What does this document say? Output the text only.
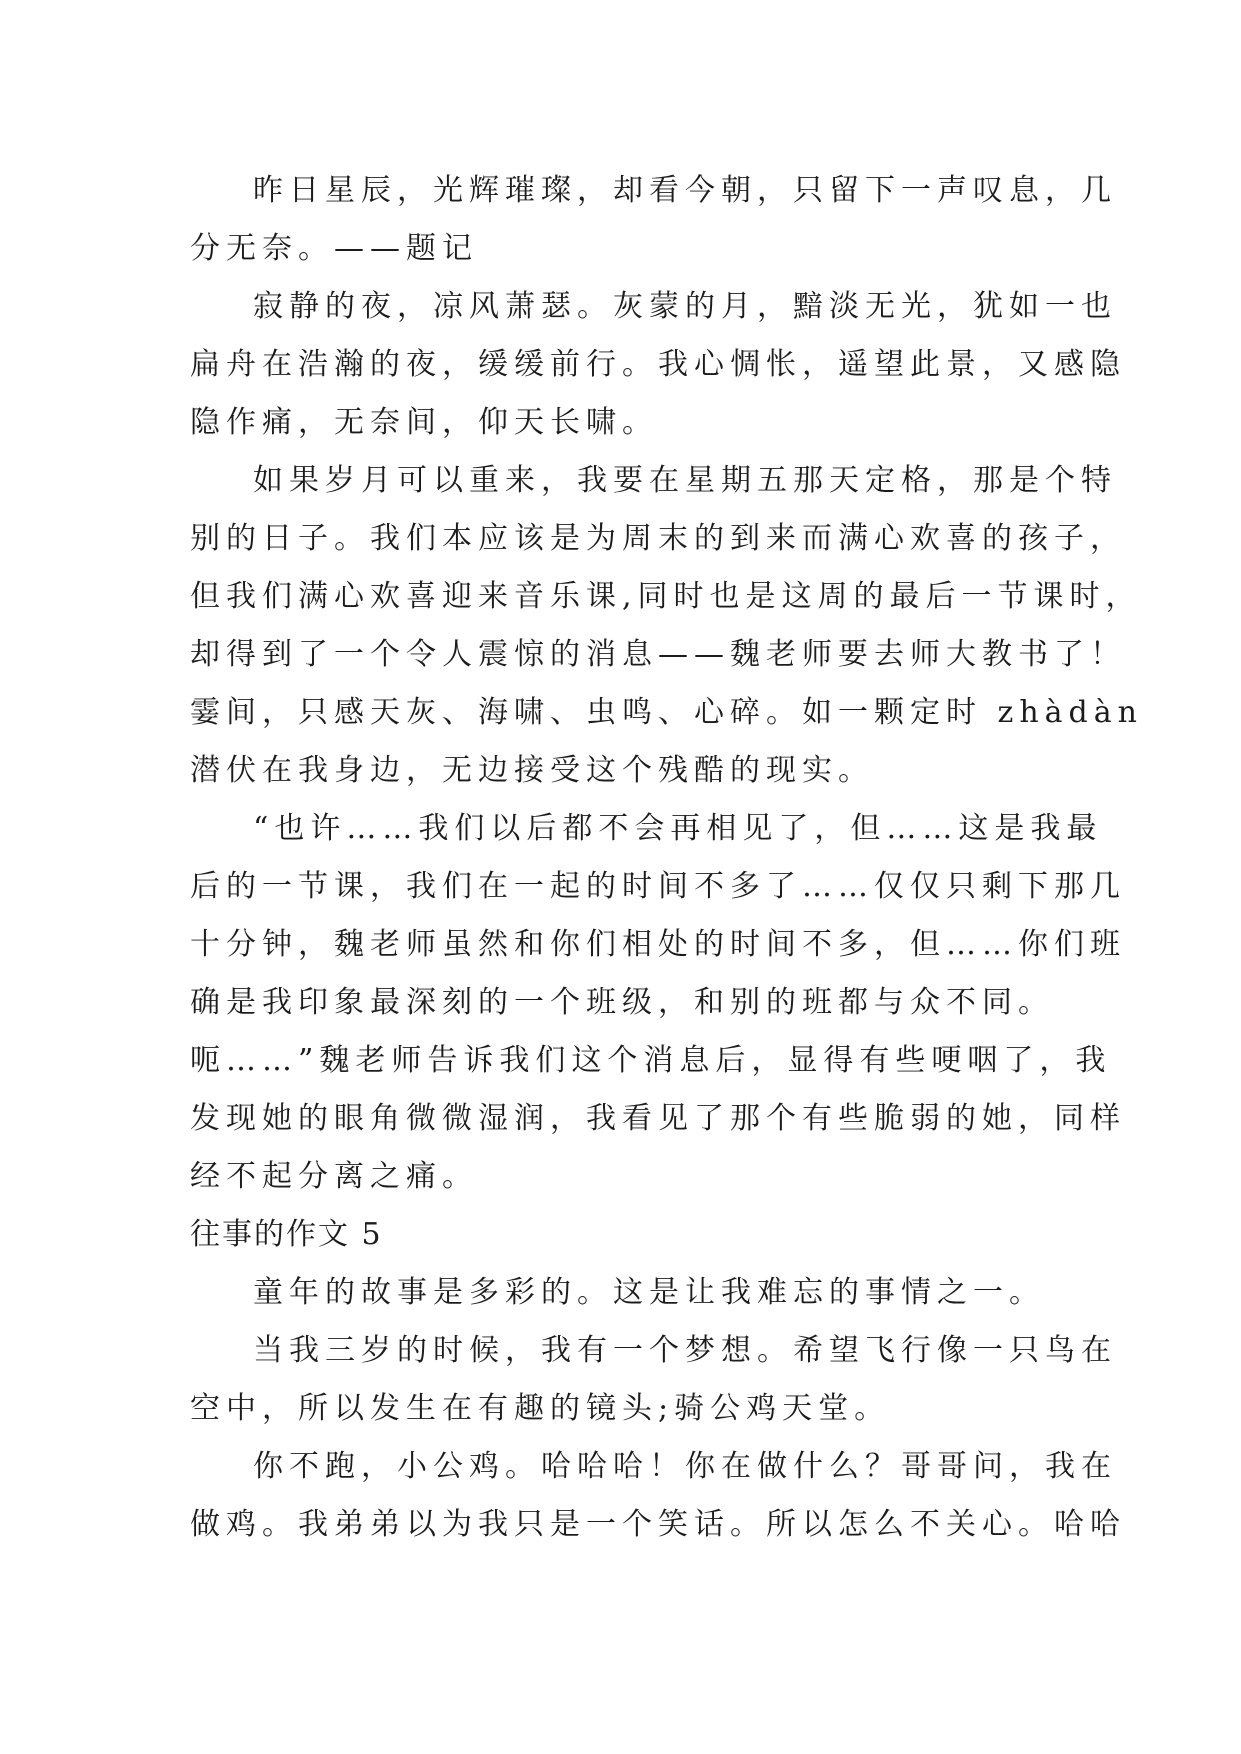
昨日星辰，光辉璀璨，却看今朝，只留下一声叹息，几
分无奈。——题记
寂静的夜，凉风萧瑟。灰蒙的月，黯淡无光，犹如一也
扁舟在浩瀚的夜，缓缓前行。我心惆怅，遥望此景，又感隐
隐作痛，无奈间，仰天长啸。
如果岁月可以重来，我要在星期五那天定格，那是个特
别的日子。我们本应该是为周末的到来而满心欢喜的孩子，
但我们满心欢喜迎来音乐课,同时也是这周的最后一节课时，
却得到了一个令人震惊的消息——魏老师要去师大教书了！
霎间，只感天灰、海啸、虫鸣、心碎。如一颗定时 zhàdàn
潜伏在我身边，无边接受这个残酷的现实。
“也许……我们以后都不会再相见了，但……这是我最
后的一节课，我们在一起的时间不多了……仅仅只剩下那几
十分钟，魏老师虽然和你们相处的时间不多，但……你们班
确是我印象最深刻的一个班级，和别的班都与众不同。
呃……”魏老师告诉我们这个消息后，显得有些哽咽了，我
发现她的眼角微微湿润，我看见了那个有些脆弱的她，同样
经不起分离之痛。
往事的作文 5
童年的故事是多彩的。这是让我难忘的事情之一。
当我三岁的时候，我有一个梦想。希望飞行像一只鸟在
空中，所以发生在有趣的镜头;骑公鸡天堂。
你不跑，小公鸡。哈哈哈！你在做什么？哥哥问，我在
做鸡。我弟弟以为我只是一个笑话。所以怎么不关心。哈哈
